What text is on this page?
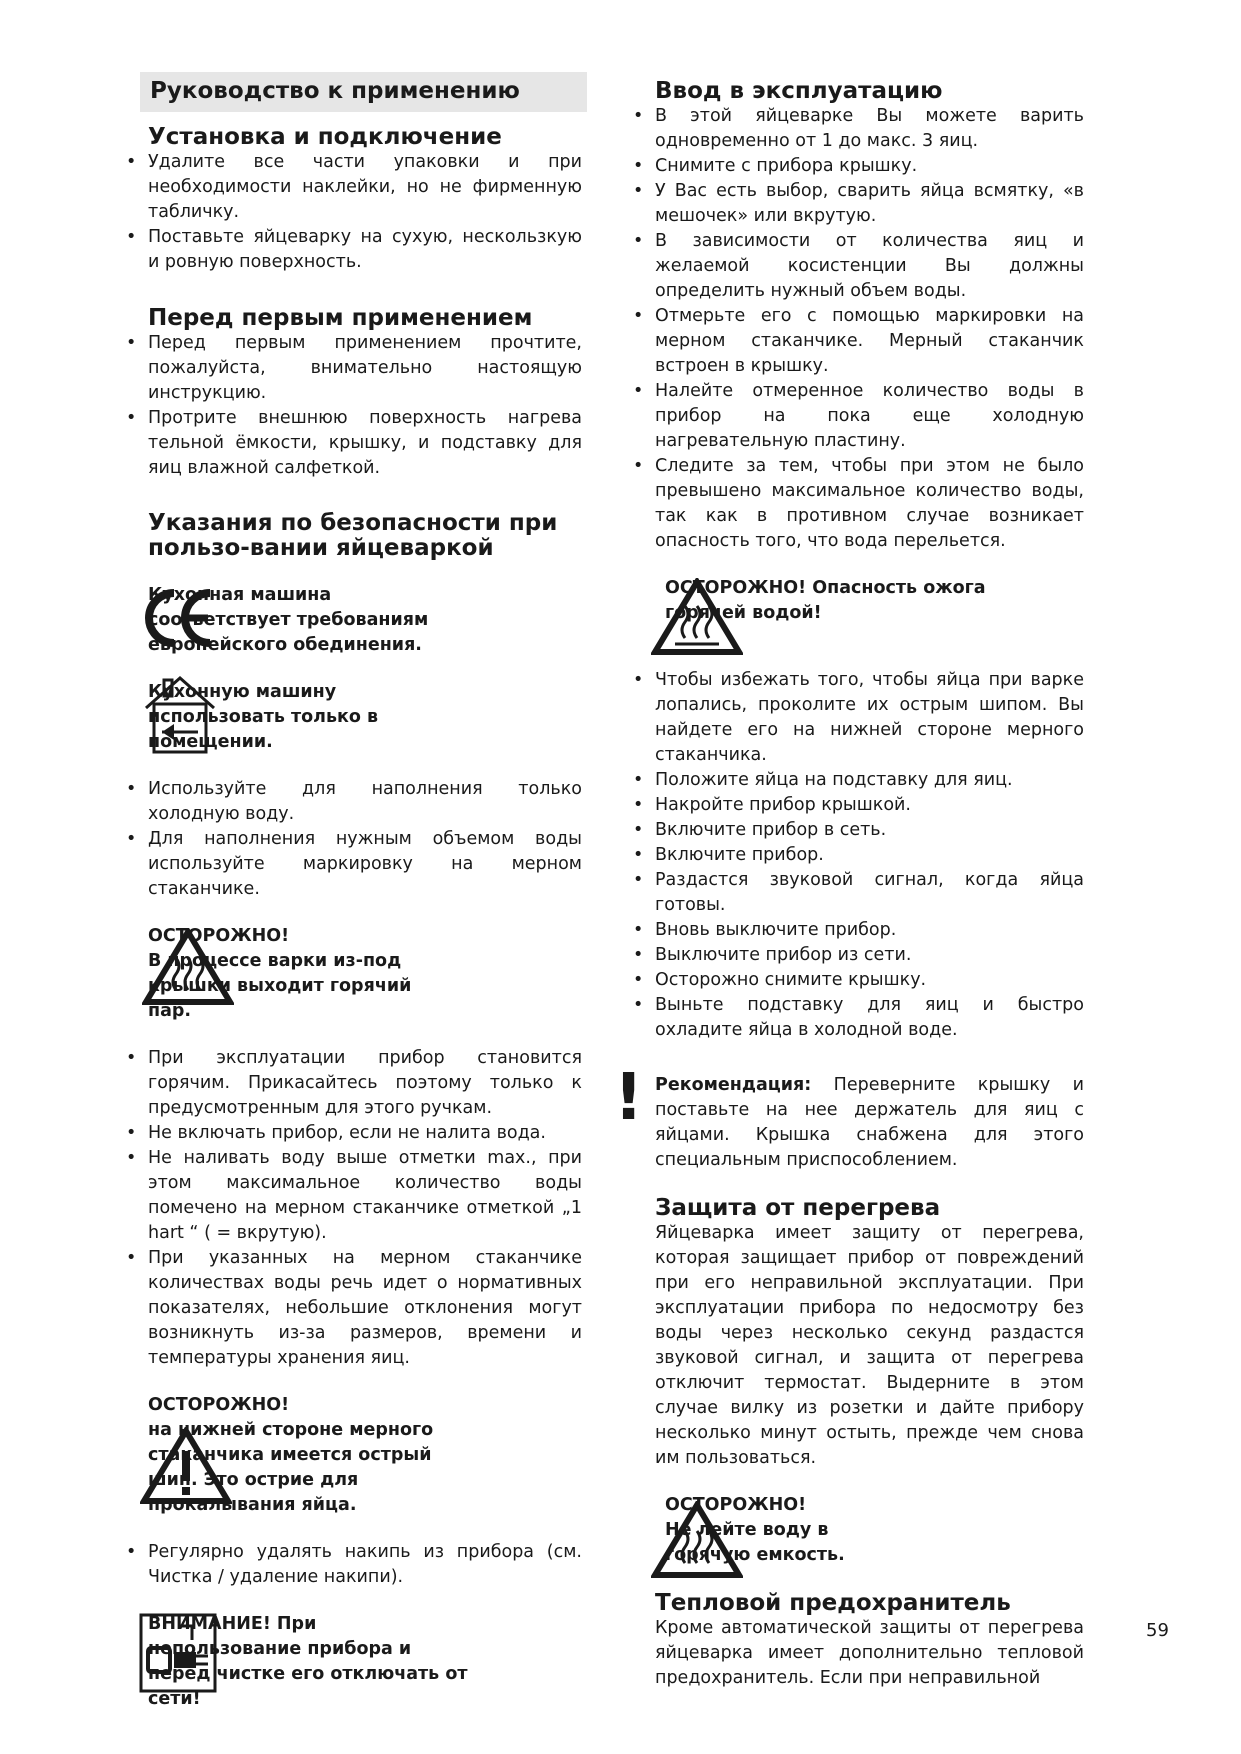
Руководство к применению
Установка и подключение
• Удалите все части упаковки и при необходимости наклейки, но не фирменную табличку.
• Поставьте яйцеварку на сухую, нескользкую и ровную поверхность.
Перед первым применением
• Перед первым применением прочтите, пожалуйста, внимательно настоящую инструкцию.
• Протрите внешнюю поверхность нагрева тельной ёмкости, крышку, и подставку для яиц влажной салфеткой.
Указания по безопасности при пользо-вании яйцеваркой
Кухонная машина соответствует требованиям европейского обединения.
Кухонную машину использовать только в помещении.
• Используйте для наполнения только холодную воду.
• Для наполнения нужным объемом воды используйте маркировку на мерном стаканчике.
ОСТОРОЖНО!
В процессе варки из-под крышки выходит горячий пар.
• При эксплуатации прибор становится горячим. Прикасайтесь поэтому только к предусмотренным для этого ручкам.
• Не включать прибор, если не налита вода.
• Не наливать воду выше отметки max., при этом максимальное количество воды помечено на мерном стаканчике отметкой „1 hart “ ( = вкрутую).
• При указанных на мерном стаканчике количествах воды речь идет о нормативных показателях, небольшие отклонения могут возникнуть из-за размеров, времени и температуры хранения яиц.
ОСТОРОЖНО!
на нижней стороне мерного стаканчика имеется острый шип. Это острие для прокалывания яйца.
• Регулярно удалять накипь из прибора (см. Чистка / удаление накипи).
ВНИМАНИЕ! При непользование прибора и перед чистке его отключать от сети!
Ввод в эксплуатацию
• В этой яйцеварке Вы можете варить одновременно от 1 до макс. 3 яиц.
• Снимите с прибора крышку.
• У Вас есть выбор, сварить яйца всмятку, «в мешочек» или вкрутую.
• В зависимости от количества яиц и желаемой косистенции Вы должны определить нужный объем воды.
• Отмерьте его с помощью маркировки на мерном стаканчике. Мерный стаканчик встроен в крышку.
• Налейте отмеренное количество воды в прибор на пока еще холодную нагревательную пластину.
• Следите за тем, чтобы при этом не было превышено максимальное количество воды, так как в противном случае возникает опасность того, что вода перельется.
ОСТОРОЖНО! Опасность ожога горячей водой!
• Чтобы избежать того, чтобы яйца при варке лопались, проколите их острым шипом. Вы найдете его на нижней стороне мерного стаканчика.
• Положите яйца на подставку для яиц.
• Накройте прибор крышкой.
• Включите прибор в сеть.
• Включите прибор.
• Раздастся звуковой сигнал, когда яйца готовы.
• Вновь выключите прибор.
• Выключите прибор из сети.
• Осторожно снимите крышку.
• Выньте подставку для яиц и быстро охладите яйца в холодной воде.

Рекомендация: Переверните крышку и поставьте на нее держатель для яиц с яйцами. Крышка снабжена для этого специальным приспособлением.

Защита от перегрева

Яйцеварка имеет защиту от перегрева, которая защищает прибор от повреждений при его неправильной эксплуатации. При эксплуатации прибора по недосмотру без воды через несколько секунд раздастся звуковой сигнал, и защита от перегрева отключит термостат. Выдерните в этом случае вилку из розетки и дайте прибору несколько минут остыть, прежде чем снова им пользоваться.

ОСТОРОЖНО!
Не лейте воду в горячую емкость.
Тепловой предохранитель

Кроме автоматической защиты от перегрева яйцеварка имеет дополнительно тепловой предохранитель. Если при неправильной

!
59
